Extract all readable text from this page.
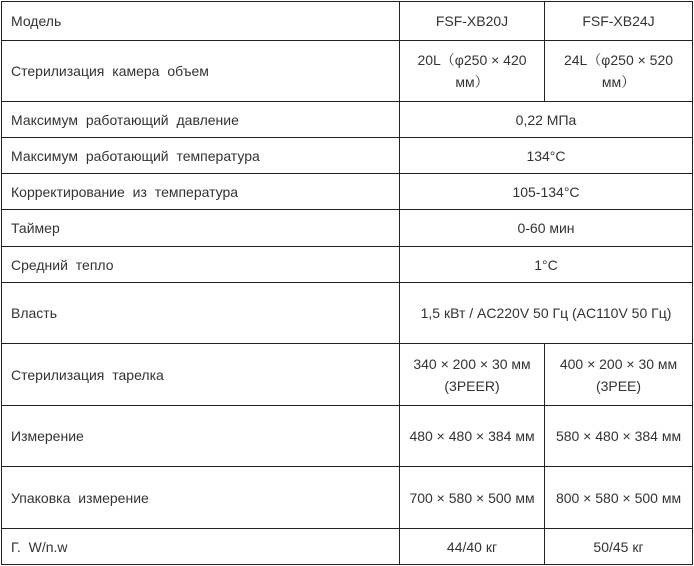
Модель	FSF-XB20J	FSF-XB24J
Стерилизация камера объем	20L（φ250 × 420 мм）	24L（φ250 × 520 мм）
Максимум работающий давление	0,22 МПа	
Максимум работающий температура	134°C	
Корректирование из температура	105-134°C	
Таймер	0-60 мин	
Средний тепло	1°C	
Власть	1,5 кВт / AC220V 50 Гц (AC110V 50 Гц)	
Стерилизация тарелка	340 × 200 × 30 мм (3PEER)	400 × 200 × 30 мм (3PEE)
Измерение	480 × 480 × 384 мм	580 × 480 × 384 мм
Упаковка измерение	700 × 580 × 500 мм	800 × 580 × 500 мм
Г. W/n.w	44/40 кг	50/45 кг
